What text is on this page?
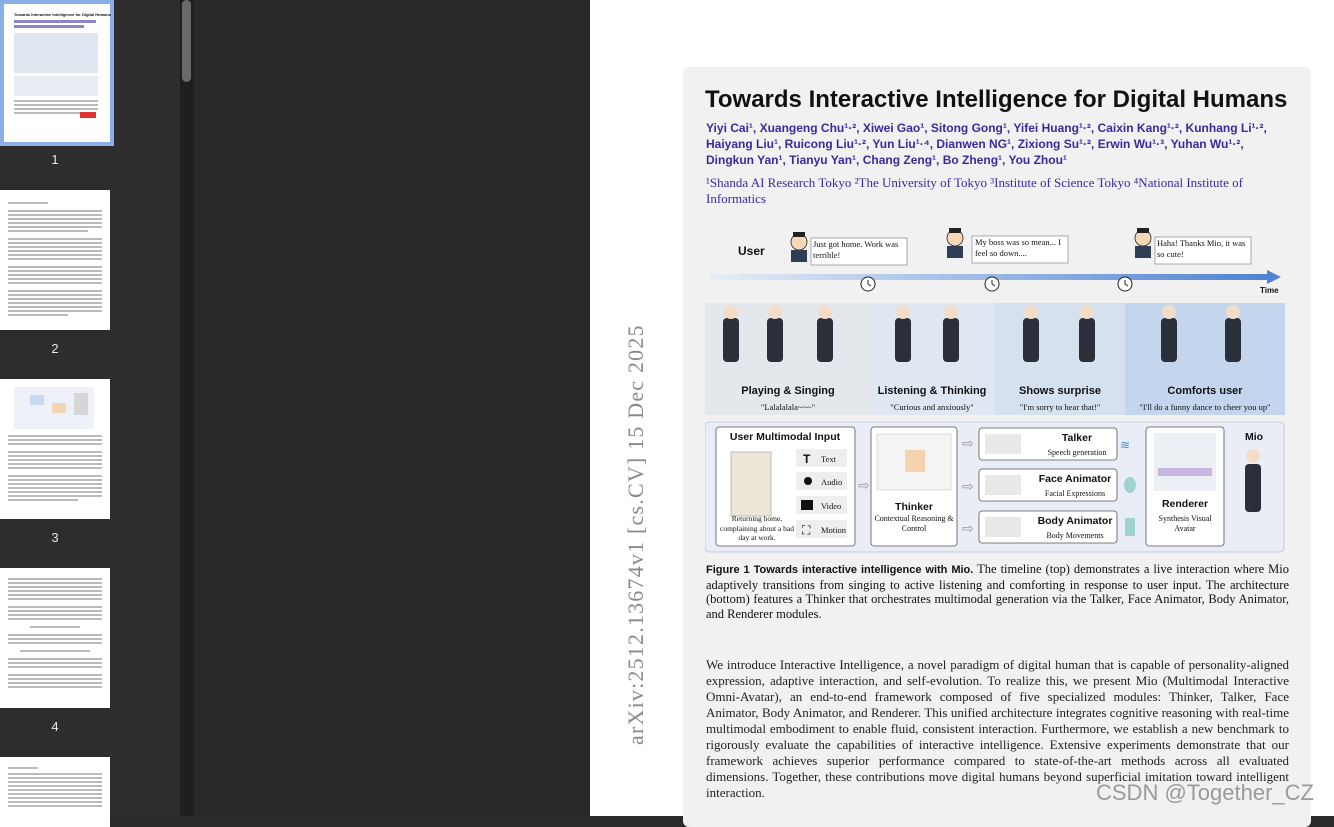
Towards Interactive Intelligence for Digital Humans
1
2
3
4	arXiv:2512.13674v1 [cs.CV] 15 Dec 2025
Towards Interactive Intelligence for Digital Humans
Yiyi Cai¹, Xuangeng Chu¹·², Xiwei Gao¹, Sitong Gong¹, Yifei Huang¹·², Caixin Kang¹·², Kunhang Li¹·²,
Haiyang Liu¹, Ruicong Liu¹·², Yun Liu¹·⁴, Dianwen NG¹, Zixiong Su¹·², Erwin Wu¹·³, Yuhan Wu¹·²,
Dingkun Yan¹, Tianyu Yan¹, Chang Zeng¹, Bo Zheng¹, You Zhou¹
¹Shanda AI Research Tokyo ²The University of Tokyo ³Institute of Science Tokyo ⁴National Institute of Informatics
User	Just got home. Work was terrible!
My boss was so mean... I feel so down....
Haha! Thanks Mio, it was so cute!
Time
Playing & Singing	Listening & Thinking	Shows surprise	Comforts user
"Lalalalala~~~"	"Curious and anxiously"	"I'm sorry to hear that!"	"I'll do a funny dance to cheer you up"
User Multimodal Input
T Text
Audio
Video
⛶ Motion
Returning home, complaining about a bad day at work.
⇨
Thinker
Contextual Reasoning & Control
⇨
⇨
⇨
Talker
Speech generation
Face Animator
Facial Expressions
Body Animator
Body Movements
≋
Renderer
Synthesis Visual Avatar
Mio
Figure 1 Towards interactive intelligence with Mio. The timeline (top) demonstrates a live interaction where Mio adaptively transitions from singing to active listening and comforting in response to user input. The architecture (bottom) features a Thinker that orchestrates multimodal generation via the Talker, Face Animator, Body Animator, and Renderer modules.
We introduce Interactive Intelligence, a novel paradigm of digital human that is capable of personality-aligned expression, adaptive interaction, and self-evolution. To realize this, we present Mio (Multimodal Interactive Omni-Avatar), an end-to-end framework composed of five specialized modules: Thinker, Talker, Face Animator, Body Animator, and Renderer. This unified architecture integrates cognitive reasoning with real-time multimodal embodiment to enable fluid, consistent interaction. Furthermore, we establish a new benchmark to rigorously evaluate the capabilities of interactive intelligence. Extensive experiments demonstrate that our framework achieves superior performance compared to state-of-the-art methods across all evaluated dimensions. Together, these contributions move digital humans beyond superficial imitation toward intelligent interaction.	CSDN @Together_CZ
